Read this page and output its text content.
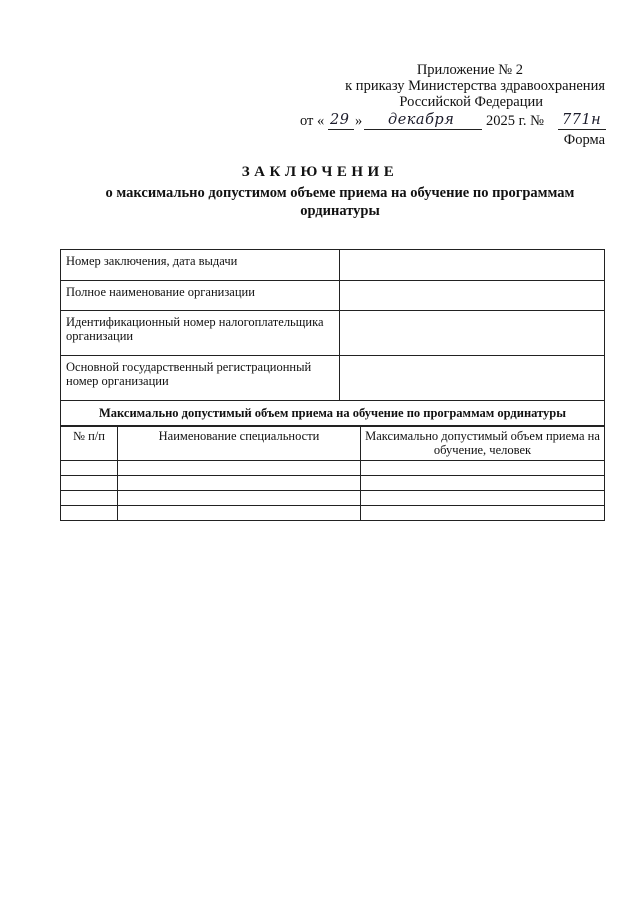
Приложение № 2
к приказу Министерства здравоохранения
Российской Федерации
от « 29 » декабря 2025 г. № 771н
Форма
ЗАКЛЮЧЕНИЕ
о максимально допустимом объеме приема на обучение по программам ординатуры
Номер заключения, дата выдачи	
Полное наименование организации	
Идентификационный номер налогоплательщика организации	
Основной государственный регистрационный номер организации	
Максимально допустимый объем приема на обучение по программам ординатуры	
№ п/п	Наименование специальности	Максимально допустимый объем приема на обучение, человек
